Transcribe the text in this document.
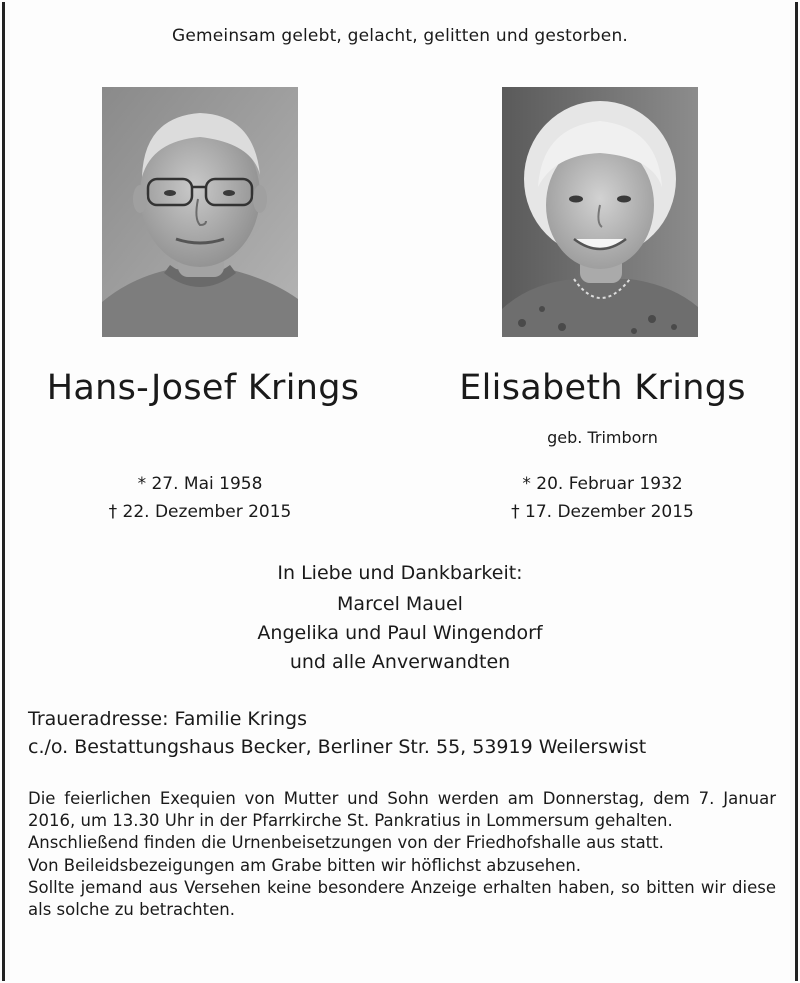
Gemeinsam gelebt, gelacht, gelitten und gestorben.
Hans-Josef Krings	Elisabeth Krings
geb. Trimborn
* 27. Mai 1958
† 22. Dezember 2015
* 20. Februar 1932
† 17. Dezember 2015
In Liebe und Dankbarkeit:
Marcel Mauel
Angelika und Paul Wingendorf
und alle Anverwandten
Traueradresse: Familie Krings
c./o. Bestattungshaus Becker, Berliner Str. 55, 53919 Weilerswist

Die feierlichen Exequien von Mutter und Sohn werden am Donnerstag, dem 7. Januar 2016, um 13.30 Uhr in der Pfarrkirche St. Pankratius in Lommersum gehalten.

Anschließend finden die Urnenbeisetzungen von der Friedhofshalle aus statt.

Von Beileidsbezeigungen am Grabe bitten wir höflichst abzusehen.

Sollte jemand aus Versehen keine besondere Anzeige erhalten haben, so bitten wir diese als solche zu betrachten.
